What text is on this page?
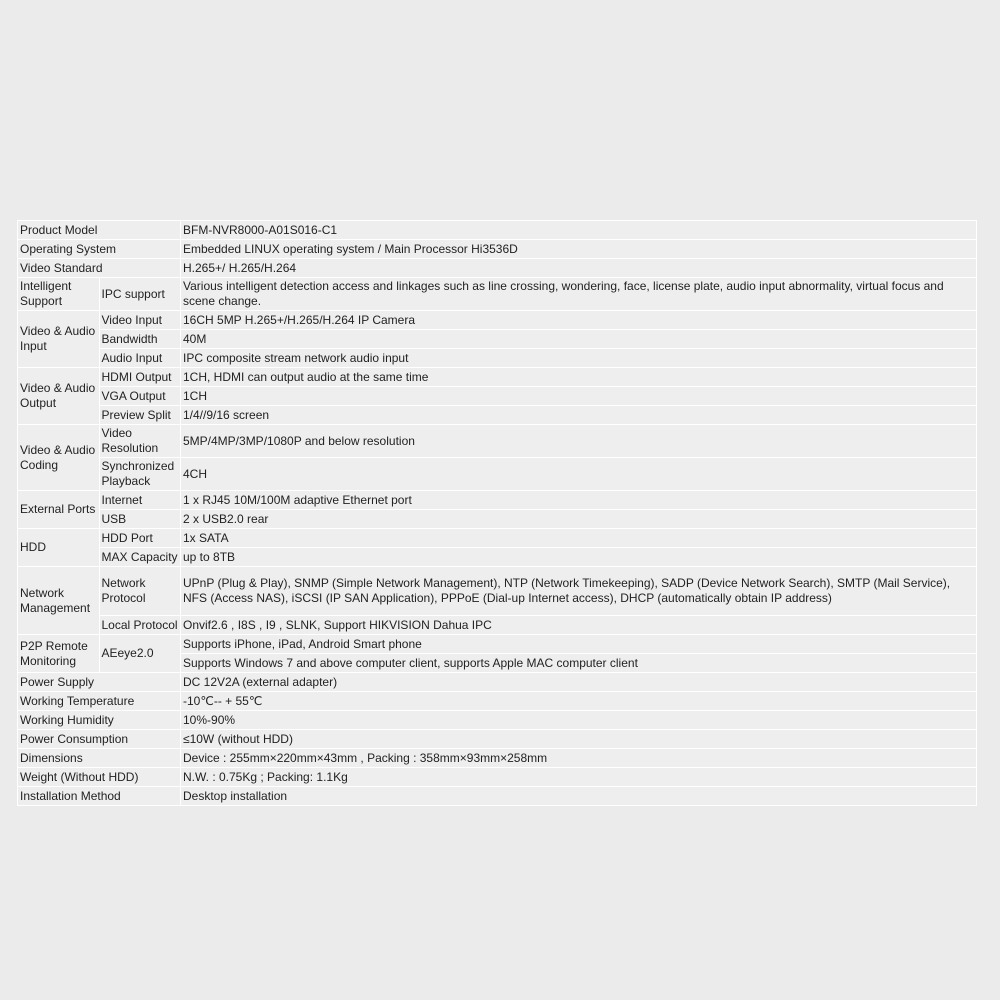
Product Model		BFM-NVR8000-A01S016-C1
Operating System		Embedded LINUX operating system / Main Processor Hi3536D
Video Standard		H.265+/ H.265/H.264
Intelligent Support	IPC support	Various intelligent detection access and linkages such as line crossing, wondering, face, license plate, audio input abnormality, virtual focus and scene change.
Video & Audio Input	Video Input	16CH 5MP H.265+/H.265/H.264 IP Camera
	Bandwidth	40M
	Audio Input	IPC composite stream network audio input
Video & Audio Output	HDMI Output	1CH, HDMI can output audio at the same time
	VGA Output	1CH
	Preview Split	1/4//9/16 screen
Video & Audio Coding	Video Resolution	5MP/4MP/3MP/1080P and below resolution
	Synchronized Playback	4CH
External Ports	Internet	1 x RJ45 10M/100M adaptive Ethernet port
	USB	2 x USB2.0 rear
HDD	HDD Port	1x SATA
	MAX Capacity	up to 8TB
Network Management	Network Protocol	UPnP (Plug & Play), SNMP (Simple Network Management), NTP (Network Timekeeping), SADP (Device Network Search), SMTP (Mail Service), NFS (Access NAS), iSCSI (IP SAN Application), PPPoE (Dial-up Internet access), DHCP (automatically obtain IP address)
	Local Protocol	Onvif2.6 , I8S , I9 , SLNK, Support HIKVISION Dahua IPC
P2P Remote Monitoring	AEeye2.0	Supports iPhone, iPad, Android Smart phone
		Supports Windows 7 and above computer client, supports Apple MAC computer client
Power Supply		DC 12V2A (external adapter)
Working Temperature		-10℃-- + 55℃
Working Humidity		10%-90%
Power Consumption		≤10W (without HDD)
Dimensions		Device : 255mm×220mm×43mm , Packing : 358mm×93mm×258mm
Weight (Without HDD)		N.W. : 0.75Kg ; Packing: 1.1Kg
Installation Method		Desktop installation
